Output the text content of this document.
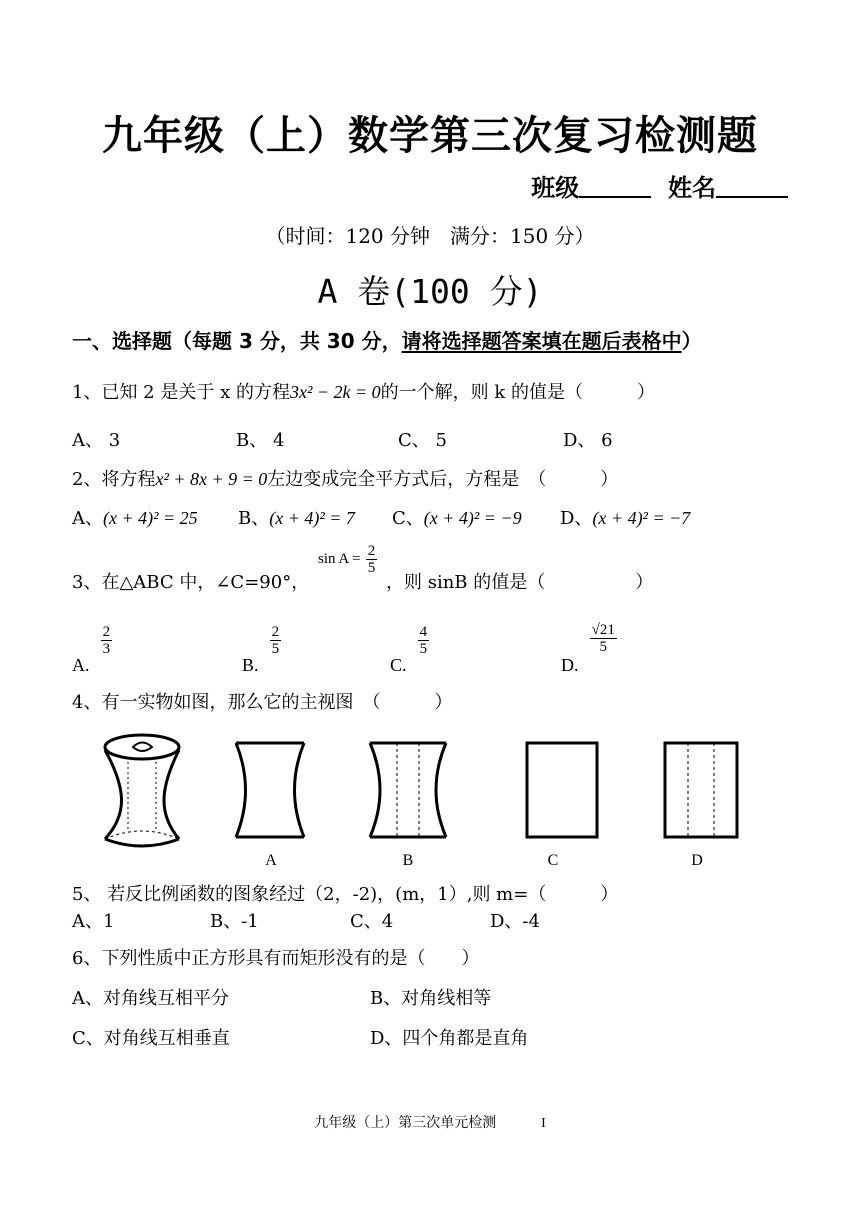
九年级（上）数学第三次复习检测题
班级	姓名
（时间：120 分钟　满分：150 分）
A 卷(100 分)
一、选择题（每题 3 分，共 30 分，请将选择题答案填在题后表格中）
1、已知 2 是关于 x 的方程3x² − 2k = 0的一个解，则 k 的值是（　　　）
A、 3	B、 4	C、 5	D、 6
2、将方程x² + 8x + 9 = 0左边变成完全平方式后，方程是　（　　　）
A、(x + 4)² = 25 B、(x + 4)² = 7 C、(x + 4)² = −9 D、(x + 4)² = −7
3、在△ABC 中，∠C=90°，
$\sin A = \frac{2}{5}$
，则 sinB 的值是（　　　　　）
A.
$\frac{2}{3}$
B.
$\frac{2}{5}$
C.
$\frac{4}{5}$
D.
$\frac{√21}{5}$
4、有一实物如图，那么它的主视图　（　　　）
A	B	C	D
5、 若反比例函数的图象经过（2，-2)，(m，1）,则 m=（　　　）
A、1	B、-1	C、4	D、-4
6、下列性质中正方形具有而矩形没有的是（　　）
A、对角线互相平分	B、对角线相等
C、对角线互相垂直	D、四个角都是直角
九年级（上）第三次单元检测	I
